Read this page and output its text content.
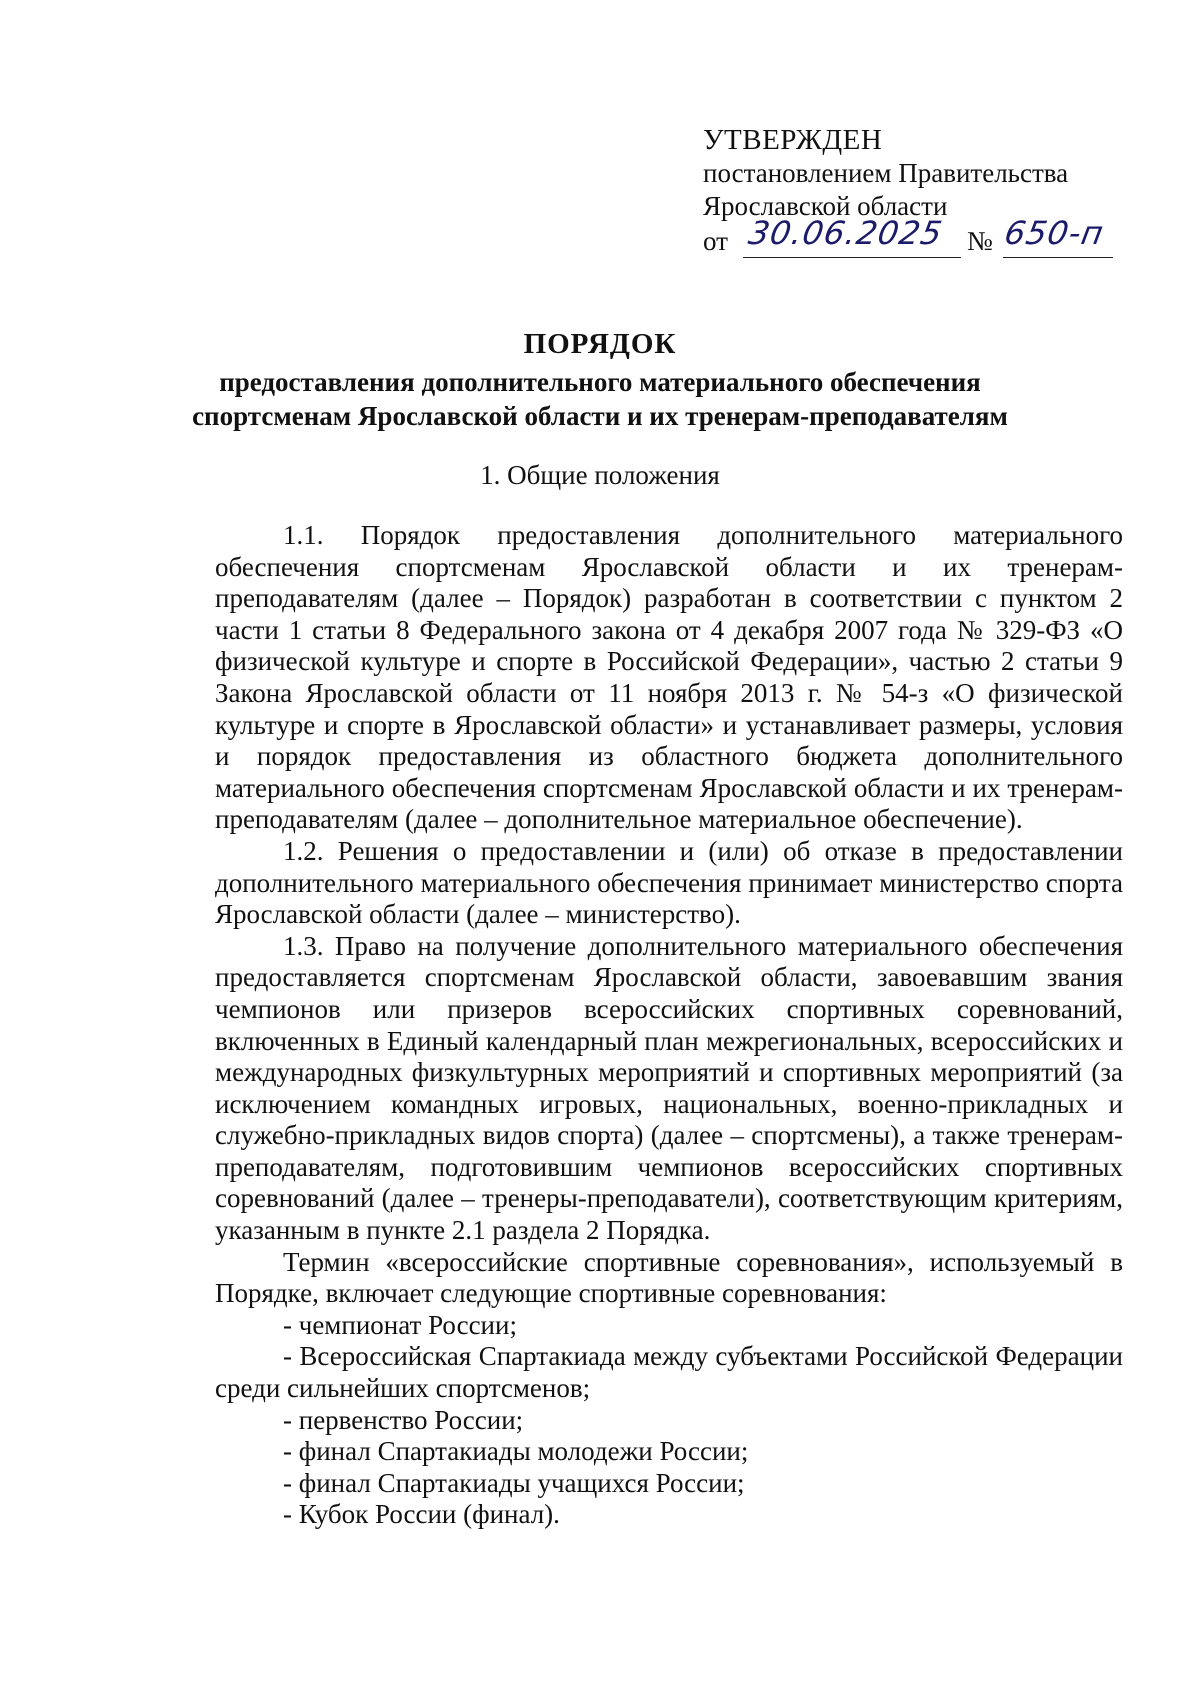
УТВЕРЖДЕН
постановлением Правительства
Ярославской области
от 30.06.2025 № 650-п
ПОРЯДОК
предоставления дополнительного материального обеспечения
спортсменам Ярославской области и их тренерам-преподавателям
1. Общие положения

1.1. Порядок предоставления дополнительного материального обеспечения спортсменам Ярославской области и их тренерам-преподавателям (далее – Порядок) разработан в соответствии с пунктом 2 части 1 статьи 8 Федерального закона от 4 декабря 2007 года № 329-ФЗ «О физической культуре и спорте в Российской Федерации», частью 2 статьи 9 Закона Ярославской области от 11 ноября 2013 г. № 54-з «О физической культуре и спорте в Ярославской области» и устанавливает размеры, условия и порядок предоставления из областного бюджета дополнительного материального обеспечения спортсменам Ярославской области и их тренерам-преподавателям (далее – дополнительное материальное обеспечение).

1.2. Решения о предоставлении и (или) об отказе в предоставлении дополнительного материального обеспечения принимает министерство спорта Ярославской области (далее – министерство).

1.3. Право на получение дополнительного материального обеспечения предоставляется спортсменам Ярославской области, завоевавшим звания чемпионов или призеров всероссийских спортивных соревнований, включенных в Единый календарный план межрегиональных, всероссийских и международных физкультурных мероприятий и спортивных мероприятий (за исключением командных игровых, национальных, военно-прикладных и служебно-прикладных видов спорта) (далее – спортсмены), а также тренерам-преподавателям, подготовившим чемпионов всероссийских спортивных соревнований (далее – тренеры-преподаватели), соответствующим критериям, указанным в пункте 2.1 раздела 2 Порядка.

Термин «всероссийские спортивные соревнования», используемый в Порядке, включает следующие спортивные соревнования:

- чемпионат России;

- Всероссийская Спартакиада между субъектами Российской Федерации среди сильнейших спортсменов;

- первенство России;

- финал Спартакиады молодежи России;

- финал Спартакиады учащихся России;

- Кубок России (финал).
